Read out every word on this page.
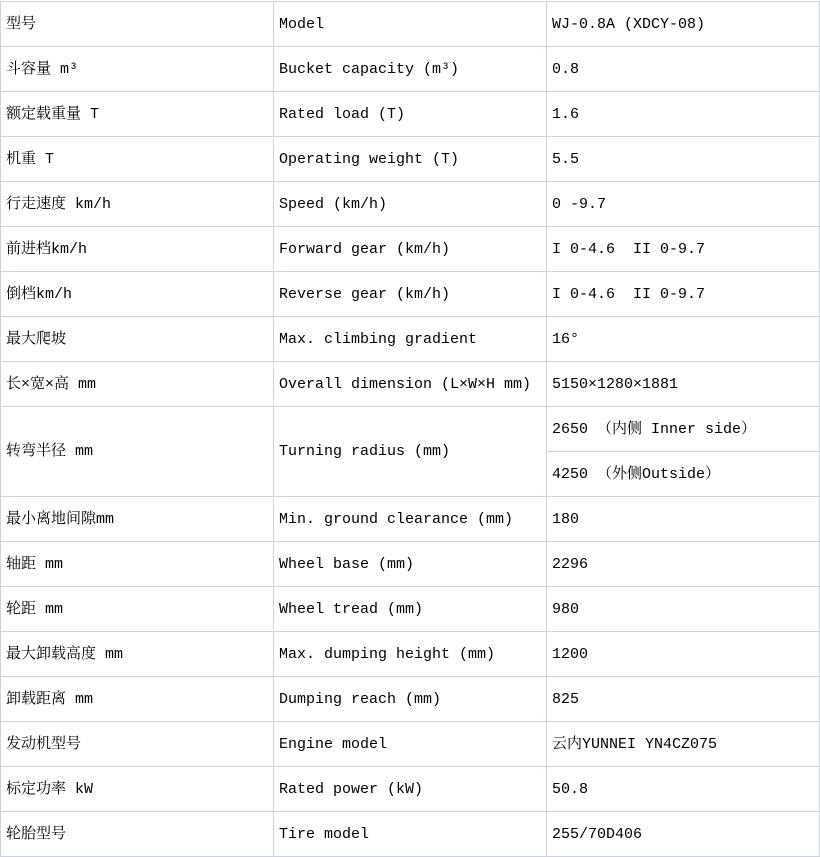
型号	Model	WJ-0.8A (XDCY-08)
斗容量 m³	Bucket capacity (m³)	0.8
额定载重量 T	Rated load (T)	1.6
机重 T	Operating weight (T)	5.5
行走速度 km/h	Speed (km/h)	0 -9.7
前进档km/h	Forward gear (km/h)	I 0-4.6  II 0-9.7
倒档km/h	Reverse gear (km/h)	I 0-4.6  II 0-9.7
最大爬坡	Max. climbing gradient	16°
长×宽×高 mm	Overall dimension (L×W×H mm)	5150×1280×1881
转弯半径 mm	Turning radius (mm)	2650 （内侧 Inner side）
		4250 （外侧Outside）
最小离地间隙mm	Min. ground clearance (mm)	180
轴距 mm	Wheel base (mm)	2296
轮距 mm	Wheel tread (mm)	980
最大卸载高度 mm	Max. dumping height (mm)	1200
卸载距离 mm	Dumping reach (mm)	825
发动机型号	Engine model	云内YUNNEI YN4CZ075
标定功率 kW	Rated power (kW)	50.8
轮胎型号	Tire model	255/70D406
